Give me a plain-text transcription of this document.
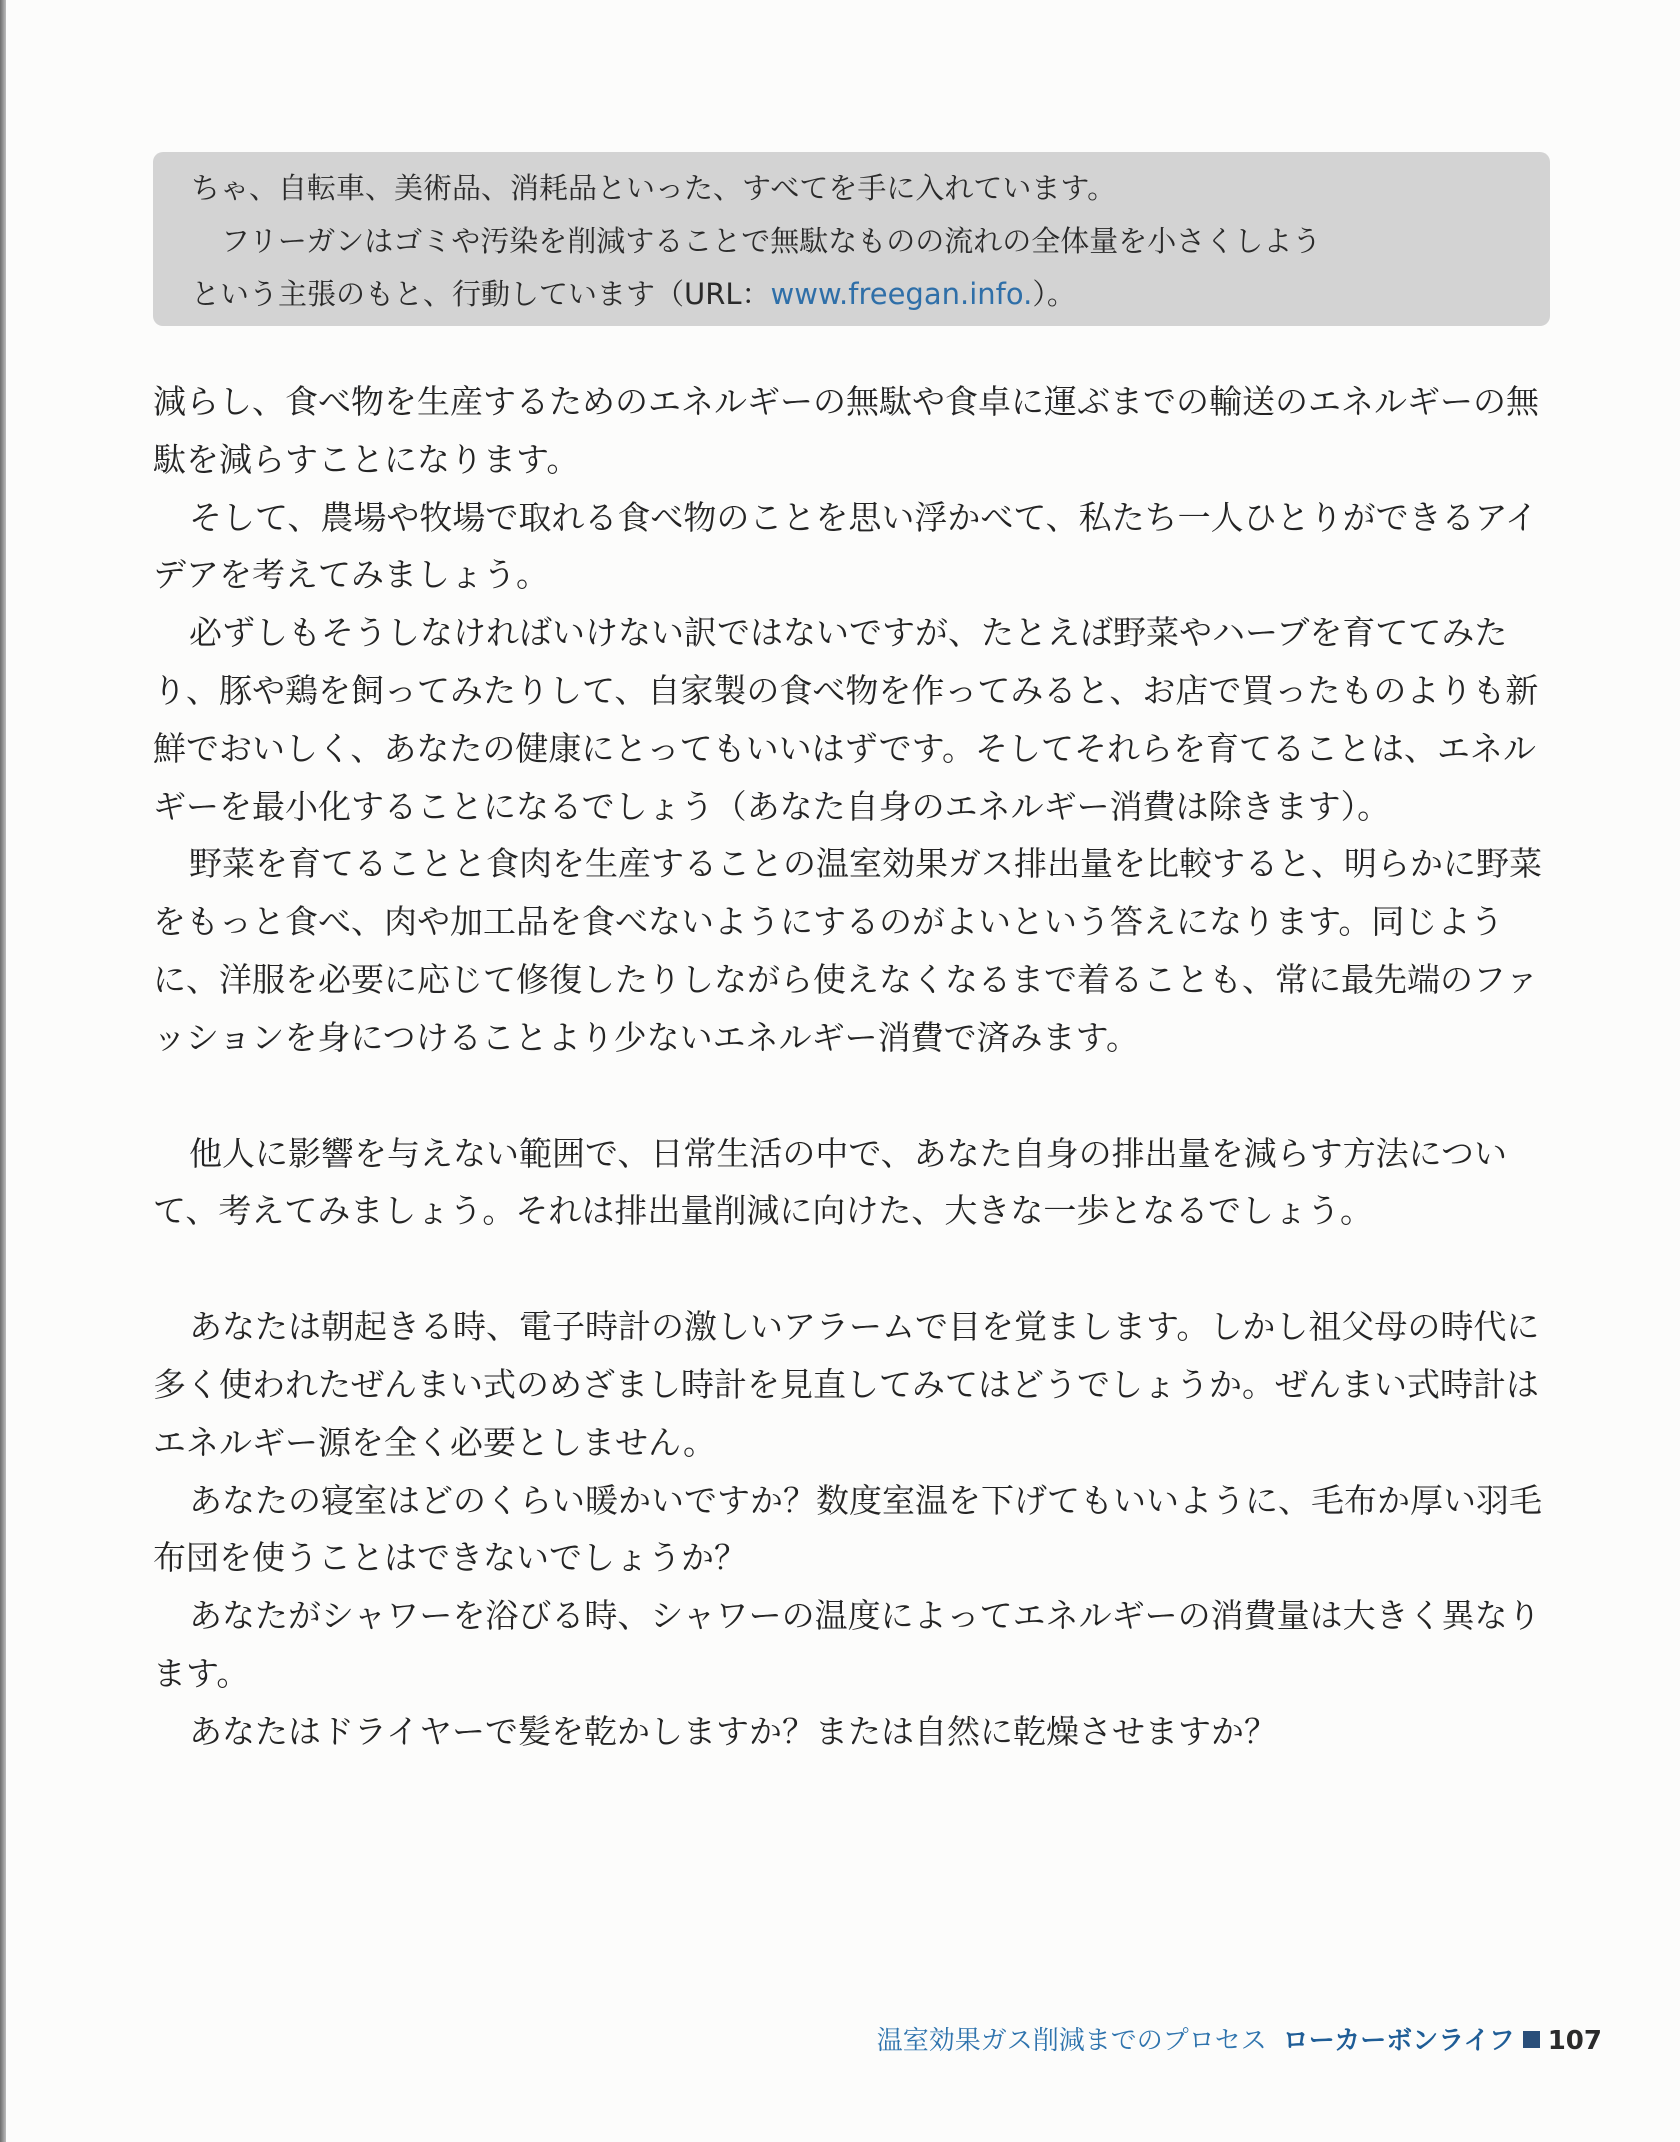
ちゃ、自転車、美術品、消耗品といった、すべてを手に入れています。

フリーガンはゴミや汚染を削減することで無駄なものの流れの全体量を小さくしよう

という主張のもと、行動しています（URL：www.freegan.info.）。

減らし、食べ物を生産するためのエネルギーの無駄や食卓に運ぶまでの輸送のエネルギーの無駄を減らすことになります。

そして、農場や牧場で取れる食べ物のことを思い浮かべて、私たち一人ひとりができるアイデアを考えてみましょう。

必ずしもそうしなければいけない訳ではないですが、たとえば野菜やハーブを育ててみたり、豚や鶏を飼ってみたりして、自家製の食べ物を作ってみると、お店で買ったものよりも新鮮でおいしく、あなたの健康にとってもいいはずです。そしてそれらを育てることは、エネルギーを最小化することになるでしょう（あなた自身のエネルギー消費は除きます）。

野菜を育てることと食肉を生産することの温室効果ガス排出量を比較すると、明らかに野菜をもっと食べ、肉や加工品を食べないようにするのがよいという答えになります。同じように、洋服を必要に応じて修復したりしながら使えなくなるまで着ることも、常に最先端のファッションを身につけることより少ないエネルギー消費で済みます。

他人に影響を与えない範囲で、日常生活の中で、あなた自身の排出量を減らす方法について、考えてみましょう。それは排出量削減に向けた、大きな一歩となるでしょう。

あなたは朝起きる時、電子時計の激しいアラームで目を覚まします。しかし祖父母の時代に多く使われたぜんまい式のめざまし時計を見直してみてはどうでしょうか。ぜんまい式時計はエネルギー源を全く必要としません。

あなたの寝室はどのくらい暖かいですか？数度室温を下げてもいいように、毛布か厚い羽毛布団を使うことはできないでしょうか？

あなたがシャワーを浴びる時、シャワーの温度によってエネルギーの消費量は大きく異なります。

あなたはドライヤーで髪を乾かしますか？または自然に乾燥させますか？

温室効果ガス削減までのプロセス ローカーボンライフ 107
